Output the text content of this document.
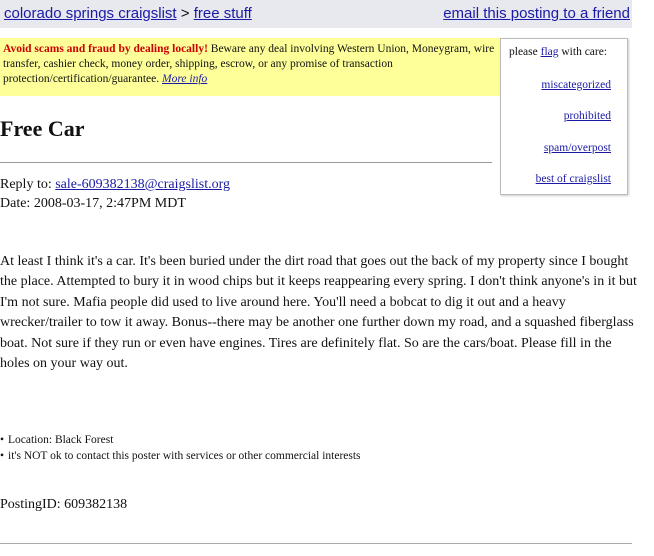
colorado springs craigslist > free stuff	email this posting to a friend
Avoid scams and fraud by dealing locally! Beware any deal involving Western Union, Moneygram, wire transfer, cashier check, money order, shipping, escrow, or any promise of transaction protection/certification/guarantee. More info
please flag with care:
miscategorized
prohibited
spam/overpost
best of craigslist
Free Car
Reply to: sale-609382138@craigslist.org
Date: 2008-03-17, 2:47PM MDT
At least I think it's a car. It's been buried under the dirt road that goes out the back of my property since I bought the place. Attempted to bury it in wood chips but it keeps reappearing every spring. I don't think anyone's in it but I'm not sure. Mafia people did used to live around here. You'll need a bobcat to dig it out and a heavy wrecker/trailer to tow it away. Bonus--there may be another one further down my road, and a squashed fiberglass boat. Not sure if they run or even have engines. Tires are definitely flat. So are the cars/boat. Please fill in the holes on your way out.
• Location: Black Forest
• it's NOT ok to contact this poster with services or other commercial interests
PostingID: 609382138
